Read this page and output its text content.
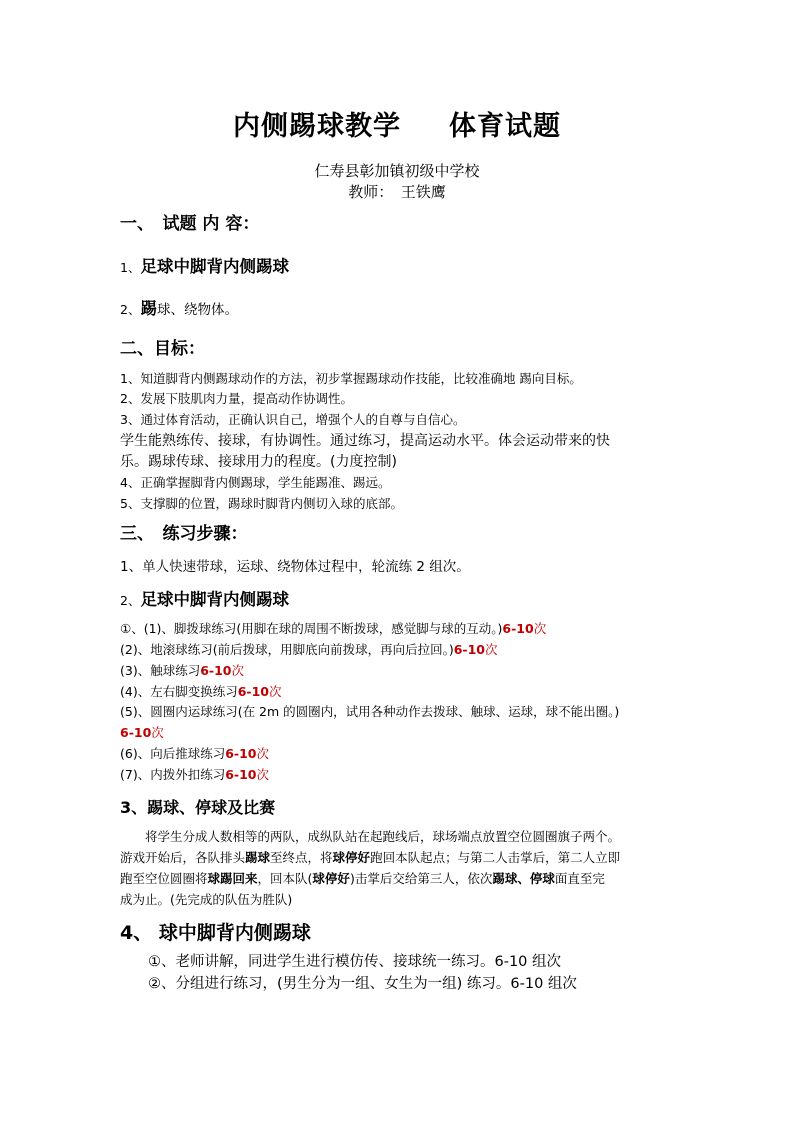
内侧踢球教学 体育试题
仁寿县彰加镇初级中学校
教师：　王铁鹰
一、　试题 内 容：
1、足球中脚背内侧踢球
2、踢球、绕物体。
二、目标：
1、知道脚背内侧踢球动作的方法，初步掌握踢球动作技能，比较准确地 踢向目标。
2、发展下肢肌肉力量，提高动作协调性。
3、通过体育活动，正确认识自己，增强个人的自尊与自信心。
学生能熟练传、接球，有协调性。通过练习，提高运动水平。体会运动带来的快
乐。踢球传球、接球用力的程度。(力度控制)
4、正确掌握脚背内侧踢球，学生能踢准、踢远。
5、支撑脚的位置，踢球时脚背内侧切入球的底部。
三、　练习步骤：
1、单人快速带球，运球、绕物体过程中，轮流练 2 组次。
2、足球中脚背内侧踢球
①、(1)、脚拨球练习(用脚在球的周围不断拨球，感觉脚与球的互动。)6-10次
(2)、地滚球练习(前后拨球，用脚底向前拨球，再向后拉回。)6-10次
(3)、触球练习6-10次
(4)、左右脚变换练习6-10次
(5)、圆圈内运球练习(在 2m 的圆圈内，试用各种动作去拨球、触球、运球，球不能出圈。)
6-10次
(6)、向后推球练习6-10次
(7)、内拨外扣练习6-10次
3、踢球、停球及比赛
　　将学生分成人数相等的两队，成纵队站在起跑线后，球场端点放置空位圆圈旗子两个。
游戏开始后，各队排头踢球至终点，将球停好跑回本队起点；与第二人击掌后，第二人立即
跑至空位圆圈将球踢回来，回本队(球停好)击掌后交给第三人，依次踢球、停球面直至完
成为止。(先完成的队伍为胜队)
4、 球中脚背内侧踢球
①、老师讲解，同进学生进行模仿传、接球统一练习。6-10 组次
②、分组进行练习，(男生分为一组、女生为一组) 练习。6-10 组次
